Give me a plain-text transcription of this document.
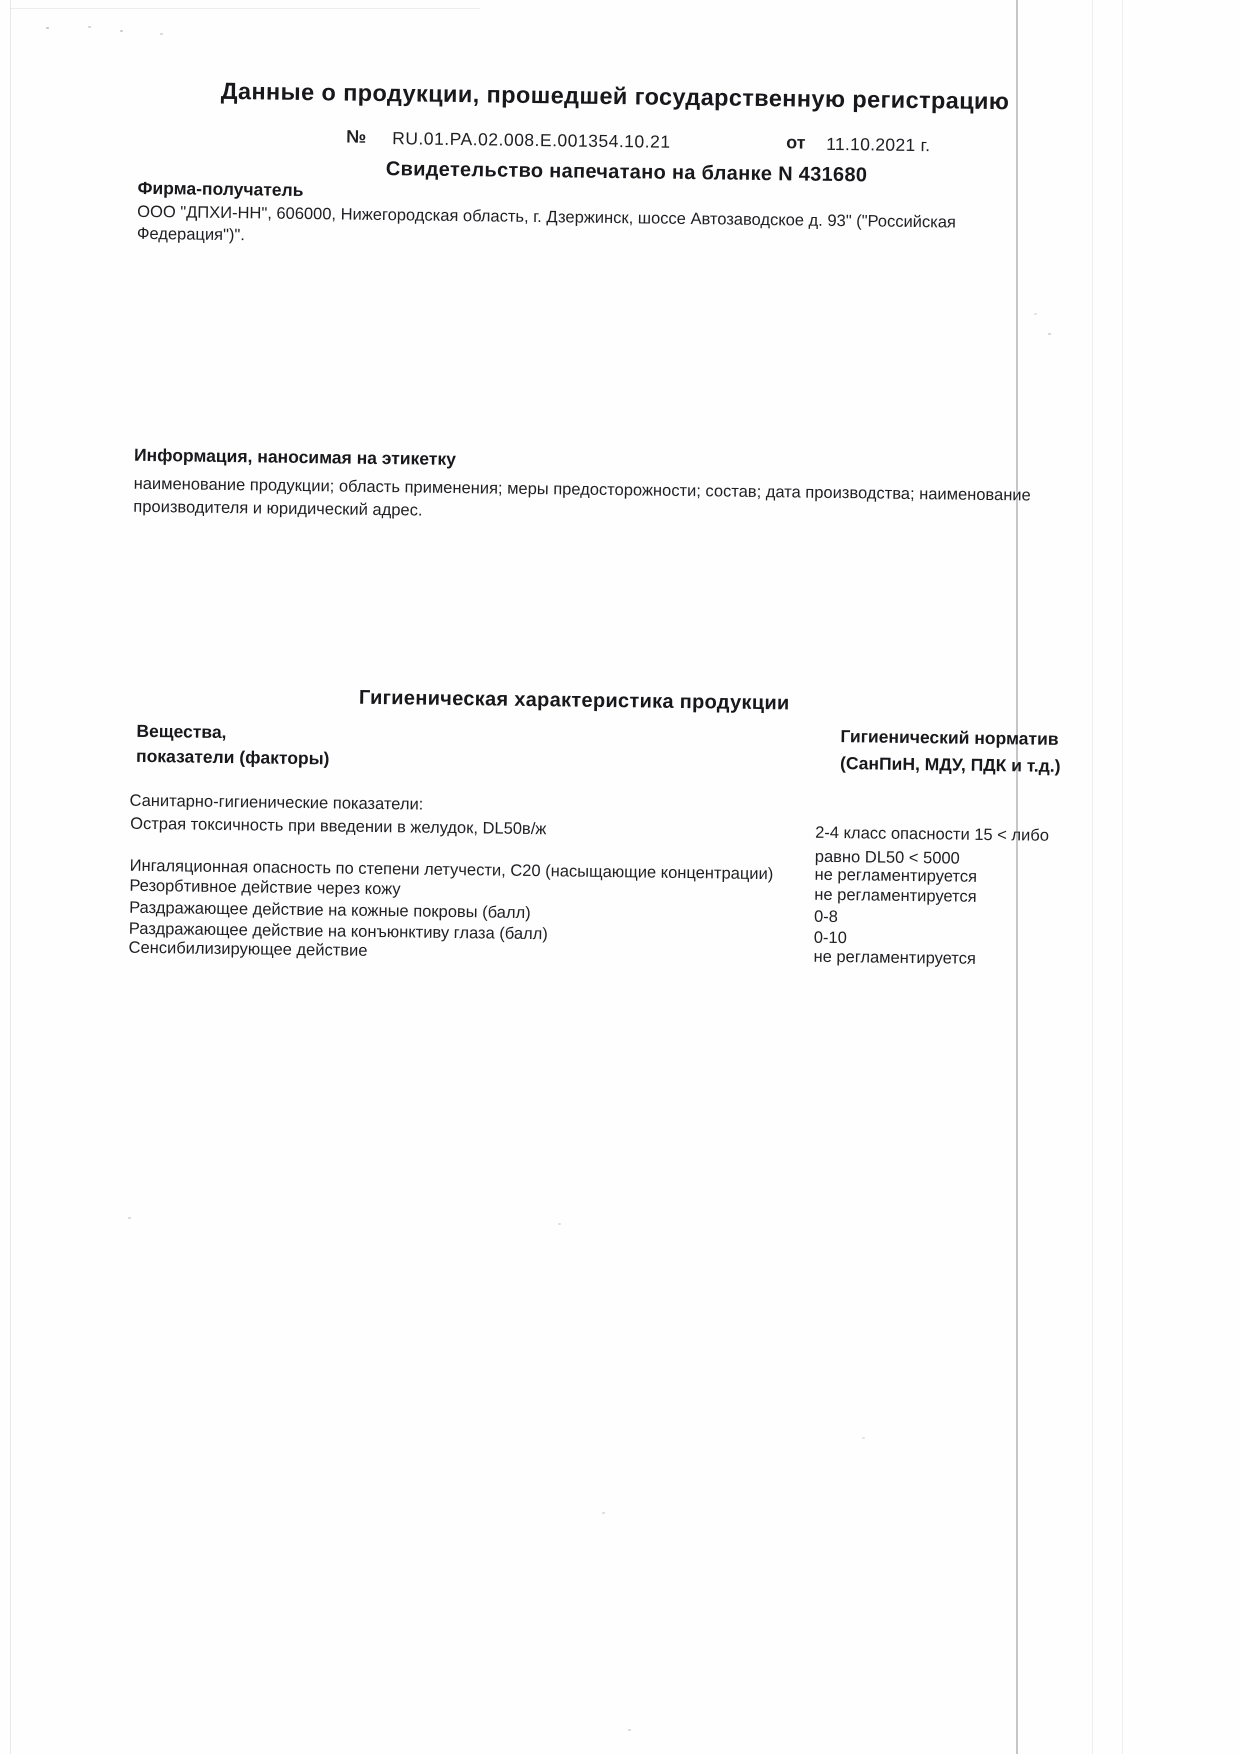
Данные о продукции, прошедшей государственную регистрацию
№ RU.01.PA.02.008.E.001354.10.21	от 11.10.2021 г.
Свидетельство напечатано на бланке N 431680
Фирма-получатель
ООО "ДПХИ-НН", 606000, Нижегородская область, г. Дзержинск, шоссе Автозаводское д. 93" ("Российская Федерация")".
Информация, наносимая на этикетку
наименование продукции; область применения; меры предосторожности; состав; дата производства; наименование производителя и юридический адрес.
Гигиеническая характеристика продукции
Вещества,
показатели (факторы)
Гигиенический норматив
(СанПиН, МДУ, ПДК и т.д.)
Санитарно-гигиенические показатели:
Острая токсичность при введении в желудок, DL50в/ж	2-4 класс опасности 15 < либо равно DL50 < 5000
Ингаляционная опасность по степени летучести, С20 (насыщающие концентрации)	не регламентируется
Резорбтивное действие через кожу	не регламентируется
Раздражающее действие на кожные покровы (балл)	0-8
Раздражающее действие на конъюнктиву глаза (балл)	0-10
Сенсибилизирующее действие	не регламентируется
